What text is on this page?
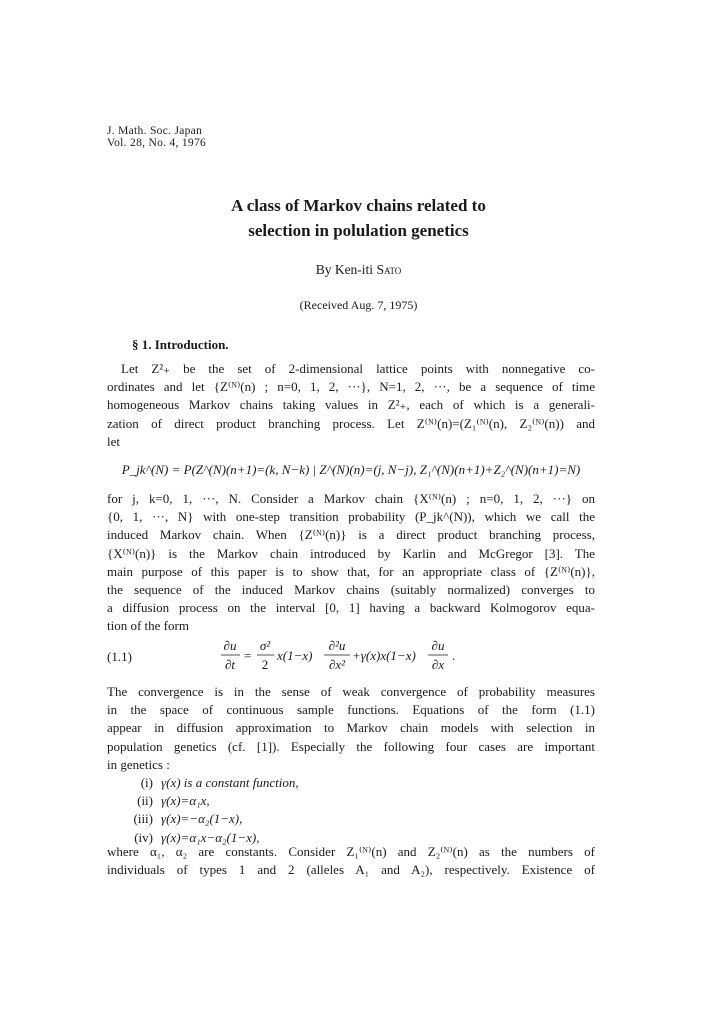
J. Math. Soc. Japan
Vol. 28, No. 4, 1976
A class of Markov chains related to
selection in polulation genetics
By Ken-iti Sato
(Received Aug. 7, 1975)
§ 1. Introduction.
Let Z²₊ be the set of 2-dimensional lattice points with nonnegative co-
ordinates and let {Z⁽ᴺ⁾(n) ; n=0, 1, 2, ···}, N=1, 2, ···, be a sequence of time
homogeneous Markov chains taking values in Z²₊, each of which is a generali-
zation of direct product branching process. Let Z⁽ᴺ⁾(n)=(Z₁⁽ᴺ⁾(n), Z₂⁽ᴺ⁾(n)) and
let
P_jk^(N) = P(Z^(N)(n+1)=(k, N−k) | Z^(N)(n)=(j, N−j), Z₁^(N)(n+1)+Z₂^(N)(n+1)=N)
for j, k=0, 1, ···, N. Consider a Markov chain {X⁽ᴺ⁾(n) ; n=0, 1, 2, ···} on
{0, 1, ···, N} with one-step transition probability (P_jk^(N)), which we call the
induced Markov chain. When {Z⁽ᴺ⁾(n)} is a direct product branching process,
{X⁽ᴺ⁾(n)} is the Markov chain introduced by Karlin and McGregor [3]. The
main purpose of this paper is to show that, for an appropriate class of {Z⁽ᴺ⁾(n)},
the sequence of the induced Markov chains (suitably normalized) converges to
a diffusion process on the interval [0, 1] having a backward Kolmogorov equa-
tion of the form
(1.1)
∂u
∂t
=
σ²
2
x(1−x)
∂²u
∂x²
+γ(x)x(1−x)
∂u
∂x
.
The convergence is in the sense of weak convergence of probability measures
in the space of continuous sample functions. Equations of the form (1.1)
appear in diffusion approximation to Markov chain models with selection in
population genetics (cf. [1]). Especially the following four cases are important
in genetics :
(i) γ(x) is a constant function,
(ii) γ(x)=α₁x,
(iii) γ(x)=−α₂(1−x),
(iv) γ(x)=α₁x−α₂(1−x),
where α₁, α₂ are constants. Consider Z₁⁽ᴺ⁾(n) and Z₂⁽ᴺ⁾(n) as the numbers of
individuals of types 1 and 2 (alleles A₁ and A₂), respectively. Existence of
